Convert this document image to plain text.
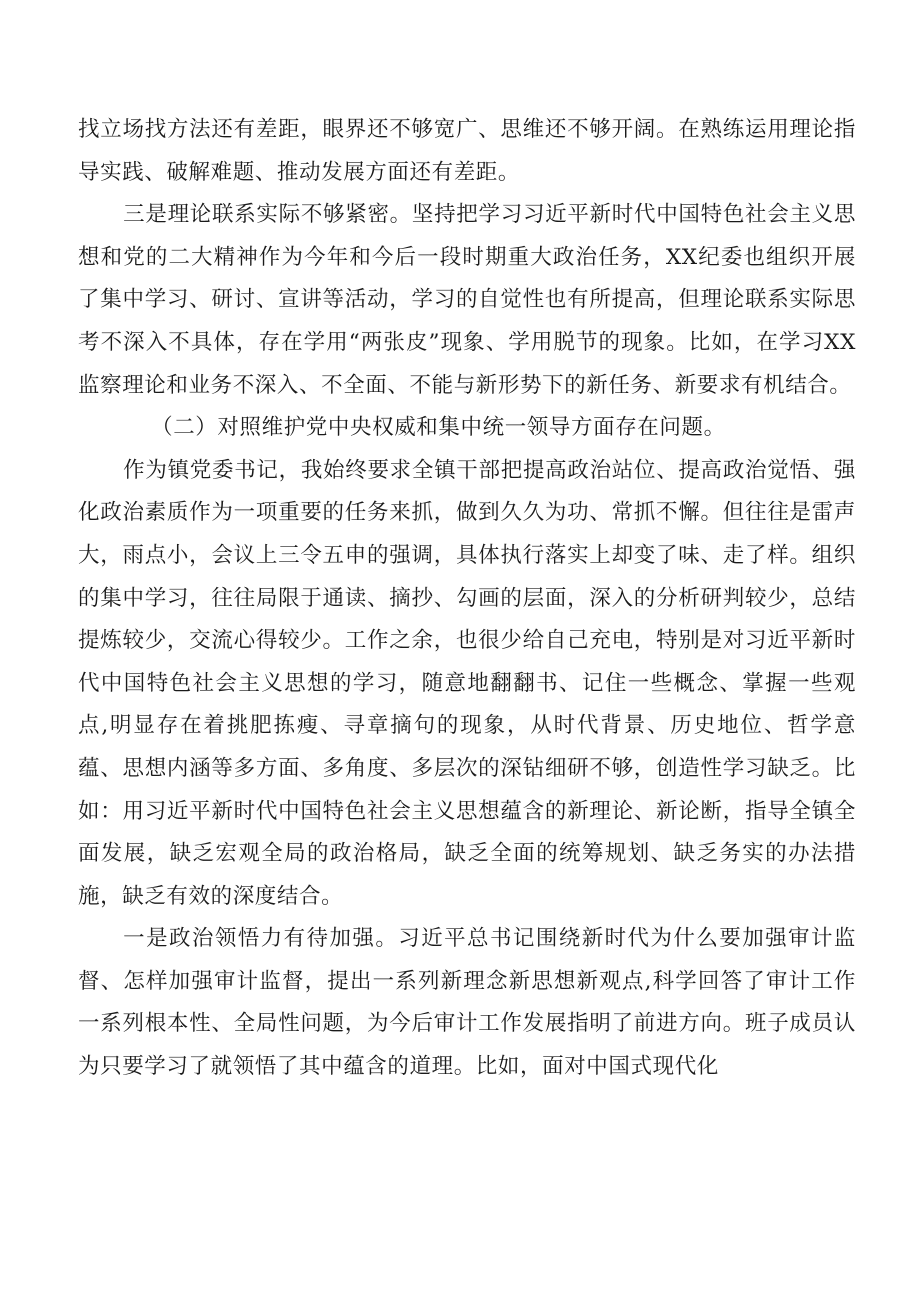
找立场找方法还有差距，眼界还不够宽广、思维还不够开阔。在熟练运用理论指导实践、破解难题、推动发展方面还有差距。

三是理论联系实际不够紧密。坚持把学习习近平新时代中国特色社会主义思想和党的二大精神作为今年和今后一段时期重大政治任务，XX纪委也组织开展了集中学习、研讨、宣讲等活动，学习的自觉性也有所提高，但理论联系实际思考不深入不具体，存在学用“两张皮”现象、学用脱节的现象。比如，在学习XX监察理论和业务不深入、不全面、不能与新形势下的新任务、新要求有机结合。

（二）对照维护党中央权威和集中统一领导方面存在问题。

作为镇党委书记，我始终要求全镇干部把提高政治站位、提高政治觉悟、强化政治素质作为一项重要的任务来抓，做到久久为功、常抓不懈。但往往是雷声大，雨点小，会议上三令五申的强调，具体执行落实上却变了味、走了样。组织的集中学习，往往局限于通读、摘抄、勾画的层面，深入的分析研判较少，总结提炼较少，交流心得较少。工作之余，也很少给自己充电，特别是对习近平新时代中国特色社会主义思想的学习，随意地翻翻书、记住一些概念、掌握一些观点,明显存在着挑肥拣瘦、寻章摘句的现象，从时代背景、历史地位、哲学意蕴、思想内涵等多方面、多角度、多层次的深钻细研不够，创造性学习缺乏。比如：用习近平新时代中国特色社会主义思想蕴含的新理论、新论断，指导全镇全面发展，缺乏宏观全局的政治格局，缺乏全面的统筹规划、缺乏务实的办法措施，缺乏有效的深度结合。

一是政治领悟力有待加强。习近平总书记围绕新时代为什么要加强审计监督、怎样加强审计监督，提出一系列新理念新思想新观点,科学回答了审计工作一系列根本性、全局性问题，为今后审计工作发展指明了前进方向。班子成员认为只要学习了就领悟了其中蕴含的道理。比如，面对中国式现代化
